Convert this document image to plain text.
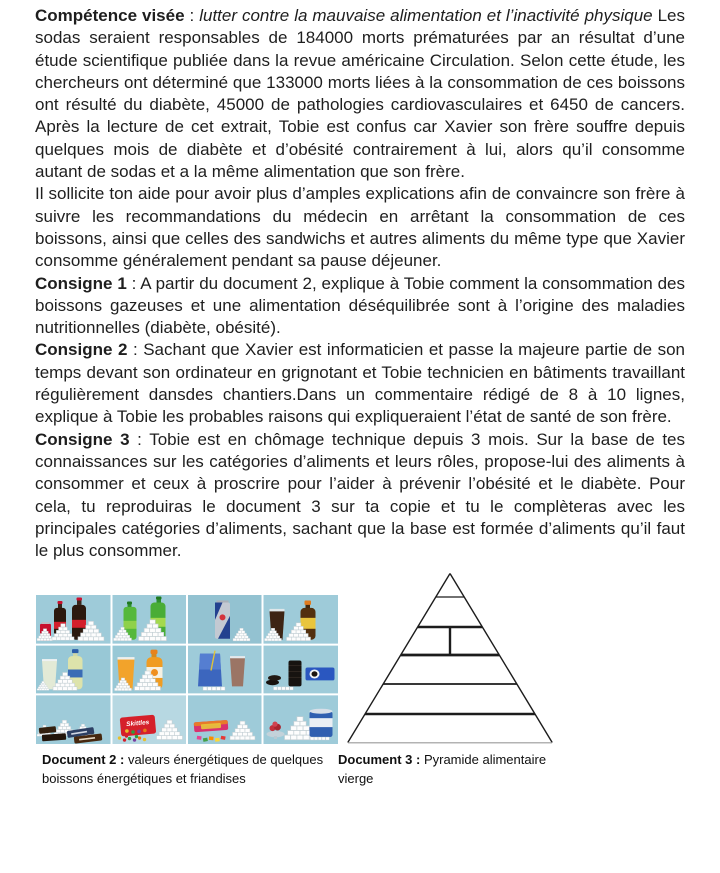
Compétence visée : lutter contre la mauvaise alimentation et l’inactivité physique Les sodas seraient responsables de 184000 morts prématurées par an résultat d’une étude scientifique publiée dans la revue américaine Circulation. Selon cette étude, les chercheurs ont déterminé que 133000 morts liées à la consommation de ces boissons ont résulté du diabète, 45000 de pathologies cardiovasculaires et 6450 de cancers. Après la lecture de cet extrait, Tobie est confus car Xavier son frère souffre depuis quelques mois de diabète et d’obésité contrairement à lui, alors qu’il consomme autant de sodas et a la même alimentation que son frère.

Il sollicite ton aide pour avoir plus d’amples explications afin de convaincre son frère à suivre les recommandations du médecin en arrêtant la consommation de ces boissons, ainsi que celles des sandwichs et autres aliments du même type que Xavier consomme généralement pendant sa pause déjeuner.

Consigne 1 : A partir du document 2, explique à Tobie comment la consommation des boissons gazeuses et une alimentation déséquilibrée sont à l’origine des maladies nutritionnelles (diabète, obésité).

Consigne 2 : Sachant que Xavier est informaticien et passe la majeure partie de son temps devant son ordinateur en grignotant et Tobie technicien en bâtiments travaillant régulièrement dansdes chantiers.Dans un commentaire rédigé de 8 à 10 lignes, explique à Tobie les probables raisons qui expliqueraient l’état de santé de son frère.

Consigne 3 : Tobie est en chômage technique depuis 3 mois. Sur la base de tes connaissances sur les catégories d’aliments et leurs rôles, propose-lui des aliments à consommer et ceux à proscrire pour l’aider à prévenir l’obésité et le diabète. Pour cela, tu reproduiras le document 3 sur ta copie et tu le complèteras avec les principales catégories d’aliments, sachant que la base est formée d’aliments qu’il faut le plus consommer.

Skittles
Document 2 : valeurs énergétiques de quelques boissons énergétiques et friandises
Document 3 : Pyramide alimentaire vierge
